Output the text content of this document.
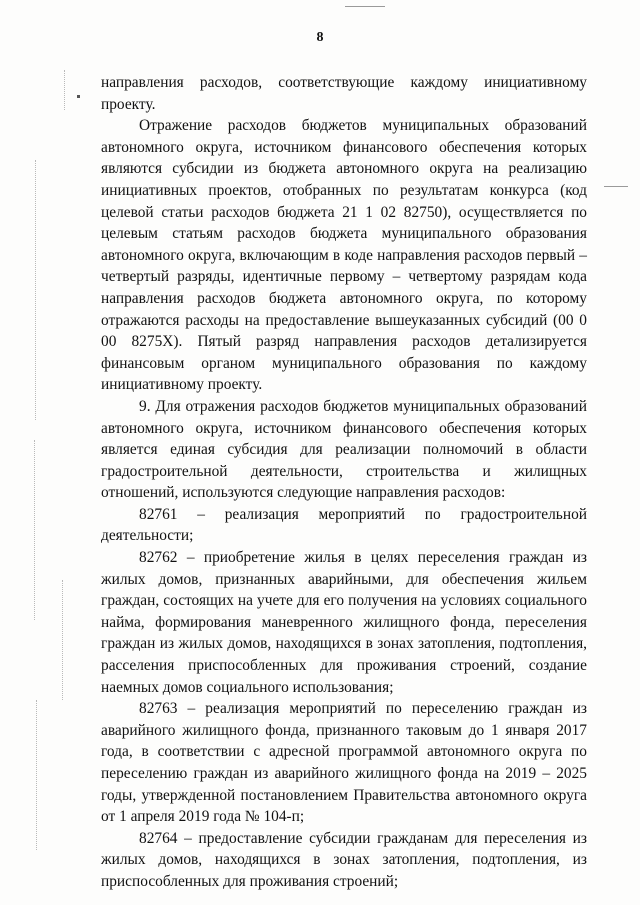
8

направления расходов, соответствующие каждому инициативному проекту.

Отражение расходов бюджетов муниципальных образований автономного округа, источником финансового обеспечения которых являются субсидии из бюджета автономного округа на реализацию инициативных проектов, отобранных по результатам конкурса (код целевой статьи расходов бюджета 21 1 02 82750), осуществляется по целевым статьям расходов бюджета муниципального образования автономного округа, включающим в коде направления расходов первый – четвертый разряды, идентичные первому – четвертому разрядам кода направления расходов бюджета автономного округа, по которому отражаются расходы на предоставление вышеуказанных субсидий (00 0 00 8275Х). Пятый разряд направления расходов детализируется финансовым органом муниципального образования по каждому инициативному проекту.

9. Для отражения расходов бюджетов муниципальных образований автономного округа, источником финансового обеспечения которых является единая субсидия для реализации полномочий в области градостроительной деятельности, строительства и жилищных отношений, используются следующие направления расходов:

82761 – реализация мероприятий по градостроительной деятельности;

82762 – приобретение жилья в целях переселения граждан из жилых домов, признанных аварийными, для обеспечения жильем граждан, состоящих на учете для его получения на условиях социального найма, формирования маневренного жилищного фонда, переселения граждан из жилых домов, находящихся в зонах затопления, подтопления, расселения приспособленных для проживания строений, создание наемных домов социального использования;

82763 – реализация мероприятий по переселению граждан из аварийного жилищного фонда, признанного таковым до 1 января 2017 года, в соответствии с адресной программой автономного округа по переселению граждан из аварийного жилищного фонда на 2019 – 2025 годы, утвержденной постановлением Правительства автономного округа от 1 апреля 2019 года № 104-п;

82764 – предоставление субсидии гражданам для переселения из жилых домов, находящихся в зонах затопления, подтопления, из приспособленных для проживания строений;
